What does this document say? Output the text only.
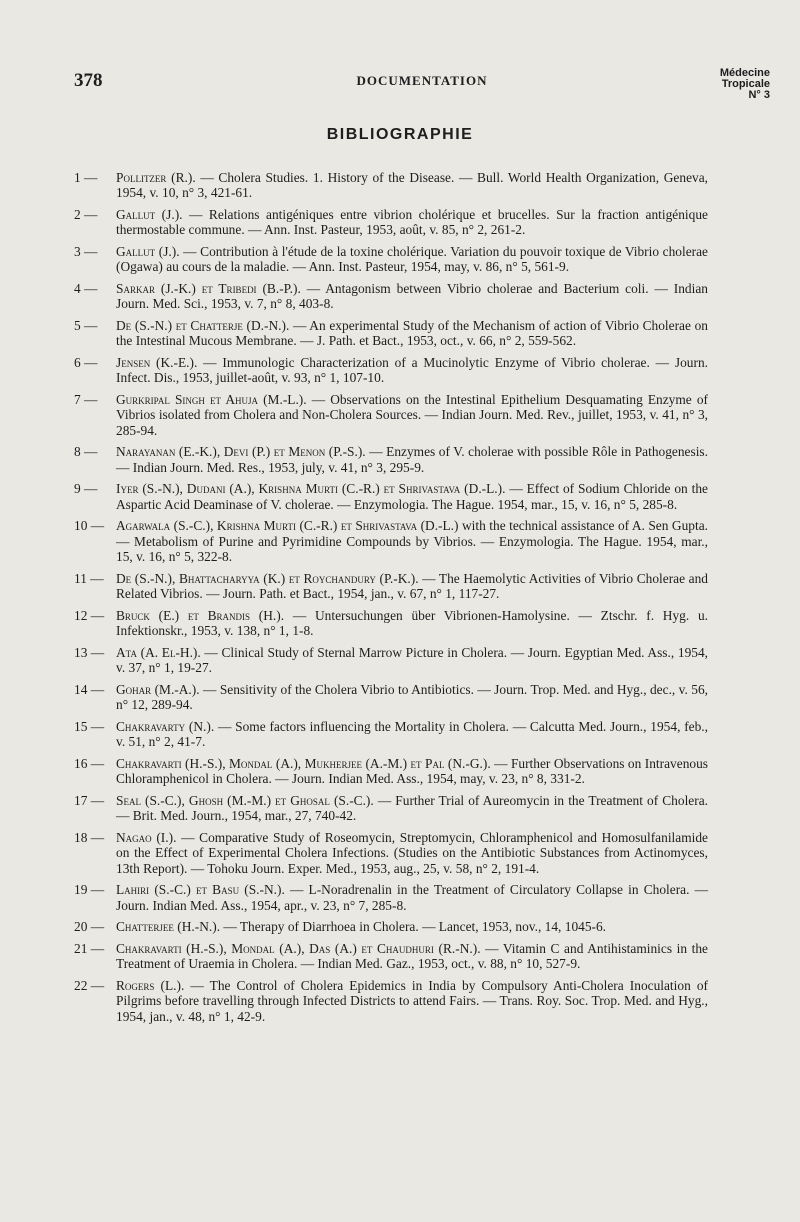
378	DOCUMENTATION	Médecine
Tropicale
N° 3
BIBLIOGRAPHIE
1 —	Pollitzer (R.). — Cholera Studies. 1. History of the Disease. — Bull. World Health Organization, Geneva, 1954, v. 10, n° 3, 421-61.
2 —	Gallut (J.). — Relations antigéniques entre vibrion cholérique et brucelles. Sur la fraction antigénique thermostable commune. — Ann. Inst. Pasteur, 1953, août, v. 85, n° 2, 261-2.
3 —	Gallut (J.). — Contribution à l'étude de la toxine cholérique. Variation du pouvoir toxique de Vibrio cholerae (Ogawa) au cours de la maladie. — Ann. Inst. Pasteur, 1954, may, v. 86, n° 5, 561-9.
4 —	Sarkar (J.-K.) et Tribedi (B.-P.). — Antagonism between Vibrio cholerae and Bacterium coli. — Indian Journ. Med. Sci., 1953, v. 7, n° 8, 403-8.
5 —	De (S.-N.) et Chatterje (D.-N.). — An experimental Study of the Mechanism of action of Vibrio Cholerae on the Intestinal Mucous Membrane. — J. Path. et Bact., 1953, oct., v. 66, n° 2, 559-562.
6 —	Jensen (K.-E.). — Immunologic Characterization of a Mucinolytic Enzyme of Vibrio cholerae. — Journ. Infect. Dis., 1953, juillet-août, v. 93, n° 1, 107-10.
7 —	Gurkripal Singh et Ahuja (M.-L.). — Observations on the Intestinal Epithelium Desquamating Enzyme of Vibrios isolated from Cholera and Non-Cholera Sources. — Indian Journ. Med. Rev., juillet, 1953, v. 41, n° 3, 285-94.
8 —	Narayanan (E.-K.), Devi (P.) et Menon (P.-S.). — Enzymes of V. cholerae with possible Rôle in Pathogenesis. — Indian Journ. Med. Res., 1953, july, v. 41, n° 3, 295-9.
9 —	Iyer (S.-N.), Dudani (A.), Krishna Murti (C.-R.) et Shrivastava (D.-L.). — Effect of Sodium Chloride on the Aspartic Acid Deaminase of V. cholerae. — Enzymologia. The Hague. 1954, mar., 15, v. 16, n° 5, 285-8.
10 — Agarwala (S.-C.), Krishna Murti (C.-R.) et Shrivastava (D.-L.) with the technical assistance of A. Sen Gupta. — Metabolism of Purine and Pyrimidine Compounds by Vibrios. — Enzymologia. The Hague. 1954, mar., 15, v. 16, n° 5, 322-8.
11 — De (S.-N.), Bhattacharyya (K.) et Roychandury (P.-K.). — The Haemolytic Activities of Vibrio Cholerae and Related Vibrios. — Journ. Path. et Bact., 1954, jan., v. 67, n° 1, 117-27.
12 — Bruck (E.) et Brandis (H.). — Untersuchungen über Vibrionen-Hamolysine. — Ztschr. f. Hyg. u. Infektionskr., 1953, v. 138, n° 1, 1-8.
13 — Ata (A. El-H.). — Clinical Study of Sternal Marrow Picture in Cholera. — Journ. Egyptian Med. Ass., 1954, v. 37, n° 1, 19-27.
14 — Gohar (M.-A.). — Sensitivity of the Cholera Vibrio to Antibiotics. — Journ. Trop. Med. and Hyg., dec., v. 56, n° 12, 289-94.
15 — Chakravarty (N.). — Some factors influencing the Mortality in Cholera. — Calcutta Med. Journ., 1954, feb., v. 51, n° 2, 41-7.
16 — Chakravarti (H.-S.), Mondal (A.), Mukherjee (A.-M.) et Pal (N.-G.). — Further Observations on Intravenous Chloramphenicol in Cholera. — Journ. Indian Med. Ass., 1954, may, v. 23, n° 8, 331-2.
17 — Seal (S.-C.), Ghosh (M.-M.) et Ghosal (S.-C.). — Further Trial of Aureomycin in the Treatment of Cholera. — Brit. Med. Journ., 1954, mar., 27, 740-42.
18 — Nagao (I.). — Comparative Study of Roseomycin, Streptomycin, Chloramphenicol and Homosulfanilamide on the Effect of Experimental Cholera Infections. (Studies on the Antibiotic Substances from Actinomyces, 13th Report). — Tohoku Journ. Exper. Med., 1953, aug., 25, v. 58, n° 2, 191-4.
19 — Lahiri (S.-C.) et Basu (S.-N.). — L-Noradrenalin in the Treatment of Circulatory Collapse in Cholera. — Journ. Indian Med. Ass., 1954, apr., v. 23, n° 7, 285-8.
20 — Chatterjee (H.-N.). — Therapy of Diarrhoea in Cholera. — Lancet, 1953, nov., 14, 1045-6.
21 — Chakravarti (H.-S.), Mondal (A.), Das (A.) et Chaudhuri (R.-N.). — Vitamin C and Antihistaminics in the Treatment of Uraemia in Cholera. — Indian Med. Gaz., 1953, oct., v. 88, n° 10, 527-9.
22 — Rogers (L.). — The Control of Cholera Epidemics in India by Compulsory Anti-Cholera Inoculation of Pilgrims before travelling through Infected Districts to attend Fairs. — Trans. Roy. Soc. Trop. Med. and Hyg., 1954, jan., v. 48, n° 1, 42-9.
